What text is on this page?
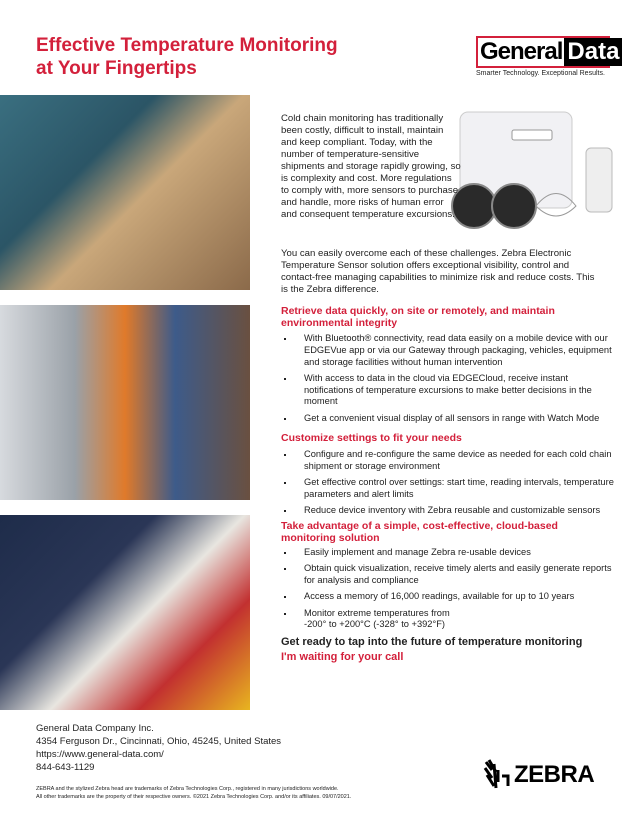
Effective Temperature Monitoring
at Your Fingertips
General Data
Smarter Technology. Exceptional Results.
Cold chain monitoring has traditionally been costly, difficult to install, maintain and keep compliant. Today, with the number of temperature-sensitive shipments and storage rapidly growing, so is complexity and cost. More regulations to comply with, more sensors to purchase and handle, more risks of human error and consequent temperature excursions.
You can easily overcome each of these challenges. Zebra Electronic Temperature Sensor solution offers exceptional visibility, control and contact-free managing capabilities to minimize risk and reduce costs. This is the Zebra difference.
Retrieve data quickly, on site or remotely, and maintain environmental integrity
With Bluetooth® connectivity, read data easily on a mobile device with our EDGEVue app or via our Gateway through packaging, vehicles, equipment and storage facilities without human intervention
With access to data in the cloud via EDGECloud, receive instant notifications of temperature excursions to make better decisions in the moment
Get a convenient visual display of all sensors in range with Watch Mode
Customize settings to fit your needs
Configure and re-configure the same device as needed for each cold chain shipment or storage environment
Get effective control over settings: start time, reading intervals, temperature parameters and alert limits
Reduce device inventory with Zebra reusable and customizable sensors
Take advantage of a simple, cost-effective, cloud-based monitoring solution
Easily implement and manage Zebra re-usable devices
Obtain quick visualization, receive timely alerts and easily generate reports for analysis and compliance
Access a memory of 16,000 readings, available for up to 10 years
Monitor extreme temperatures from -200° to +200°C (-328° to +392°F)
Get ready to tap into the future of temperature monitoring
I'm waiting for your call
General Data Company Inc.
4354 Ferguson Dr., Cincinnati, Ohio, 45245, United States
https://www.general-data.com/
844-643-1129
ZEBRA and the stylized Zebra head are trademarks of Zebra Technologies Corp., registered in many jurisdictions worldwide.
All other trademarks are the property of their respective owners. ©2021 Zebra Technologies Corp. and/or its affiliates. 09/07/2021.
ZEBRA
